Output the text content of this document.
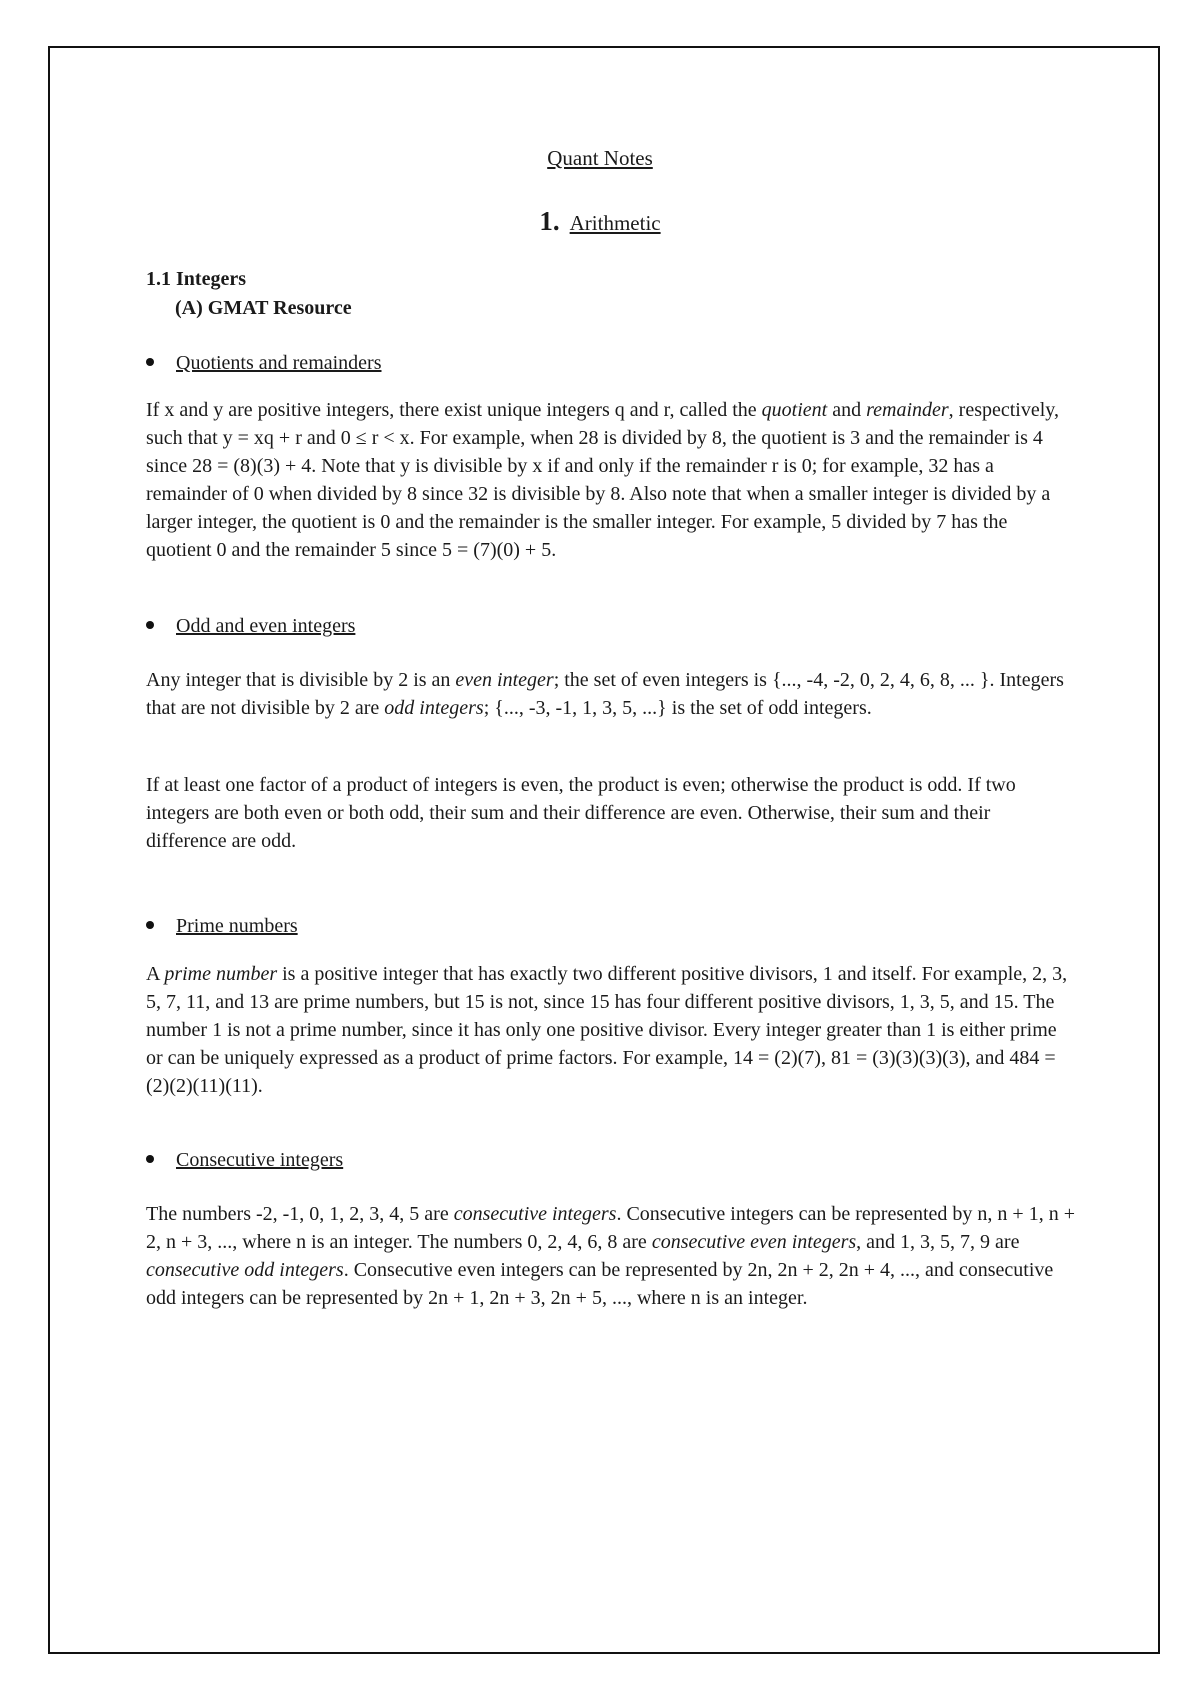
Quant Notes
1. Arithmetic
1.1 Integers
(A) GMAT Resource
Quotients and remainders

If x and y are positive integers, there exist unique integers q and r, called the quotient and remainder, respectively, such that y = xq + r and 0 ≤ r < x. For example, when 28 is divided by 8, the quotient is 3 and the remainder is 4 since 28 = (8)(3) + 4. Note that y is divisible by x if and only if the remainder r is 0; for example, 32 has a remainder of 0 when divided by 8 since 32 is divisible by 8. Also note that when a smaller integer is divided by a larger integer, the quotient is 0 and the remainder is the smaller integer. For example, 5 divided by 7 has the quotient 0 and the remainder 5 since 5 = (7)(0) + 5.

Odd and even integers

Any integer that is divisible by 2 is an even integer; the set of even integers is {..., -4, -2, 0, 2, 4, 6, 8, ... }. Integers that are not divisible by 2 are odd integers; {..., -3, -1, 1, 3, 5, ...} is the set of odd integers.

If at least one factor of a product of integers is even, the product is even; otherwise the product is odd. If two integers are both even or both odd, their sum and their difference are even. Otherwise, their sum and their difference are odd.

Prime numbers

A prime number is a positive integer that has exactly two different positive divisors, 1 and itself. For example, 2, 3, 5, 7, 11, and 13 are prime numbers, but 15 is not, since 15 has four different positive divisors, 1, 3, 5, and 15. The number 1 is not a prime number, since it has only one positive divisor. Every integer greater than 1 is either prime or can be uniquely expressed as a product of prime factors. For example, 14 = (2)(7), 81 = (3)(3)(3)(3), and 484 = (2)(2)(11)(11).

Consecutive integers

The numbers -2, -1, 0, 1, 2, 3, 4, 5 are consecutive integers. Consecutive integers can be represented by n, n + 1, n + 2, n + 3, ..., where n is an integer. The numbers 0, 2, 4, 6, 8 are consecutive even integers, and 1, 3, 5, 7, 9 are consecutive odd integers. Consecutive even integers can be represented by 2n, 2n + 2, 2n + 4, ..., and consecutive odd integers can be represented by 2n + 1, 2n + 3, 2n + 5, ..., where n is an integer.
